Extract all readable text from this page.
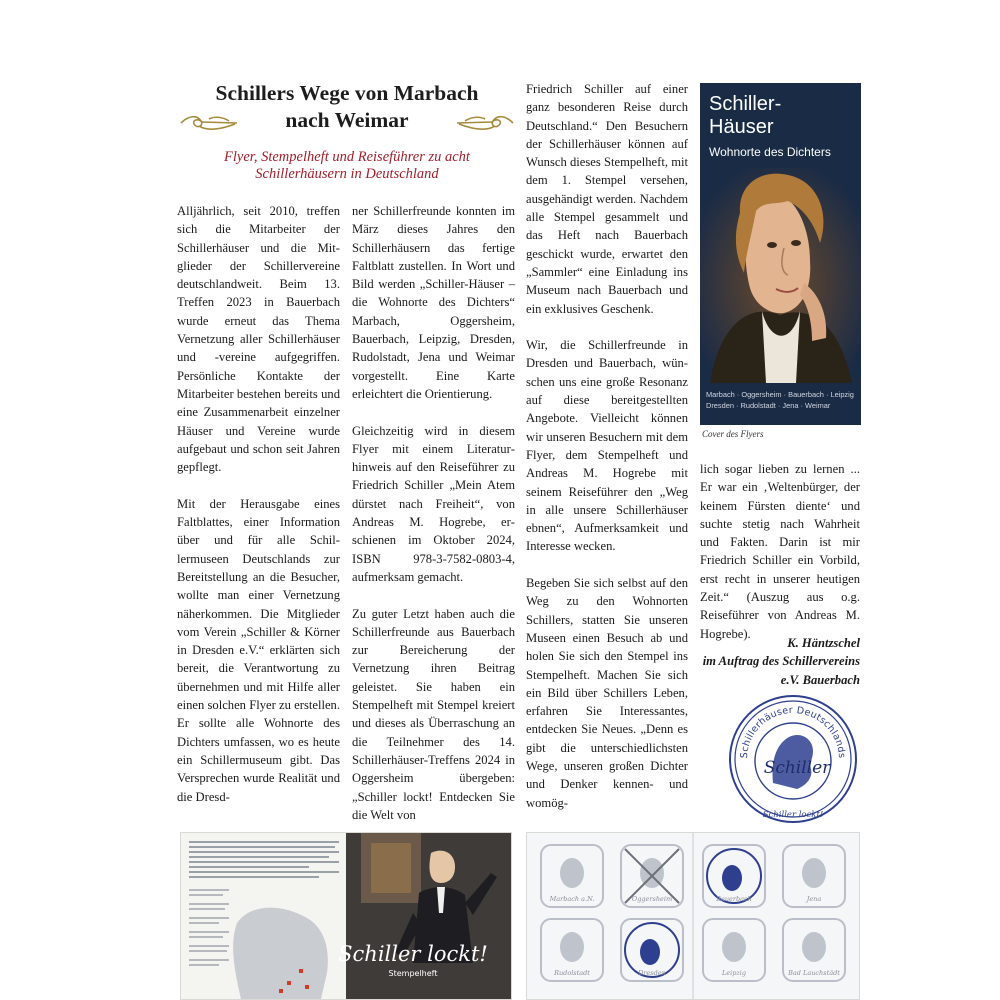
Schillers Wege von Marbach
nach Weimar
Flyer, Stempelheft und Reiseführer zu acht Schillerhäusern in Deutschland

Alljährlich, seit 2010, treffen sich die Mitarbeiter der Schillerhäuser und die Mitglieder der Schillervereine deutschlandweit. Beim 13. Treffen 2023 in Bauerbach wurde erneut das Thema Vernetzung aller Schillerhäuser und -vereine aufgegriffen. Persönliche Kontakte der Mitarbeiter bestehen bereits und eine Zusammenarbeit einzelner Häuser und Vereine wurde aufgebaut und schon seit Jahren gepflegt.

Mit der Herausgabe eines Faltblattes, einer Information über und für alle Schillermuseen Deutschlands zur Bereitstellung an die Besucher, wollte man einer Vernetzung näherkommen. Die Mitglieder vom Verein „Schiller & Körner in Dresden e.V.“ erklärten sich bereit, die Verantwortung zu übernehmen und mit Hilfe aller einen solchen Flyer zu erstellen. Er sollte alle Wohnorte des Dichters umfassen, wo es heute ein Schillermuseum gibt. Das Versprechen wurde Realität und die Dresd-

ner Schillerfreunde konnten im März dieses Jahres den Schillerhäusern das fertige Faltblatt zustellen. In Wort und Bild werden „Schiller-Häuser – die Wohnorte des Dichters“ Marbach, Oggersheim, Bauerbach, Leipzig, Dresden, Rudolstadt, Jena und Weimar vorgestellt. Eine Karte erleichtert die Orientierung.

Gleichzeitig wird in diesem Flyer mit einem Literaturhinweis auf den Reiseführer zu Friedrich Schiller „Mein Atem dürstet nach Freiheit“, von Andreas M. Hogrebe, erschienen im Oktober 2024, ISBN 978-3-7582-0803-4, aufmerksam gemacht.

Zu guter Letzt haben auch die Schillerfreunde aus Bauerbach zur Bereicherung der Vernetzung ihren Beitrag geleistet. Sie haben ein Stempelheft mit Stempel kreiert und dieses als Überraschung an die Teilnehmer des 14. Schillerhäuser-Treffens 2024 in Oggersheim übergeben: „Schiller lockt! Entdecken Sie die Welt von

Friedrich Schiller auf einer ganz besonderen Reise durch Deutschland.“ Den Besuchern der Schillerhäuser können auf Wunsch dieses Stempelheft, mit dem 1. Stempel versehen, ausgehändigt werden. Nachdem alle Stempel gesammelt und das Heft nach Bauerbach geschickt wurde, erwartet den „Sammler“ eine Einladung ins Museum nach Bauerbach und ein exklusives Geschenk.

Wir, die Schillerfreunde in Dresden und Bauerbach, wünschen uns eine große Resonanz auf diese bereitgestellten Angebote. Vielleicht können wir unseren Besuchern mit dem Flyer, dem Stempelheft und Andreas M. Hogrebe mit seinem Reiseführer den „Weg in alle unsere Schillerhäuser ebnen“, Aufmerksamkeit und Interesse wecken.

Begeben Sie sich selbst auf den Weg zu den Wohnorten Schillers, statten Sie unseren Museen einen Besuch ab und holen Sie sich den Stempel ins Stempelheft. Machen Sie sich ein Bild über Schillers Leben, erfahren Sie Interessantes, entdecken Sie Neues. „Denn es gibt die unterschiedlichsten Wege, unseren großen Dichter und Denker kennen- und womög-

Schiller-
Häuser
Wohnorte des Dichters
Marbach · Oggersheim · Bauerbach · Leipzig
Dresden · Rudolstadt · Jena · Weimar
Cover des Flyers

lich sogar lieben zu lernen ... Er war ein ‚Weltenbürger, der keinem Fürsten diente‘ und suchte stetig nach Wahrheit und Fakten. Darin ist mir Friedrich Schiller ein Vorbild, erst recht in unserer heutigen Zeit.“ (Auszug aus o.g. Reiseführer von Andreas M. Hogrebe).

K. Häntzschel
im Auftrag des Schillervereins e.V. Bauerbach
Schillerhäuser Deutschlands
Schiller
Schiller lockt!
Schiller lockt!
Stempelheft
Marbach a.N.	Oggersheim	Bauerbach	Jena
Rudolstadt	Dresden	Leipzig	Bad Lauchstädt
